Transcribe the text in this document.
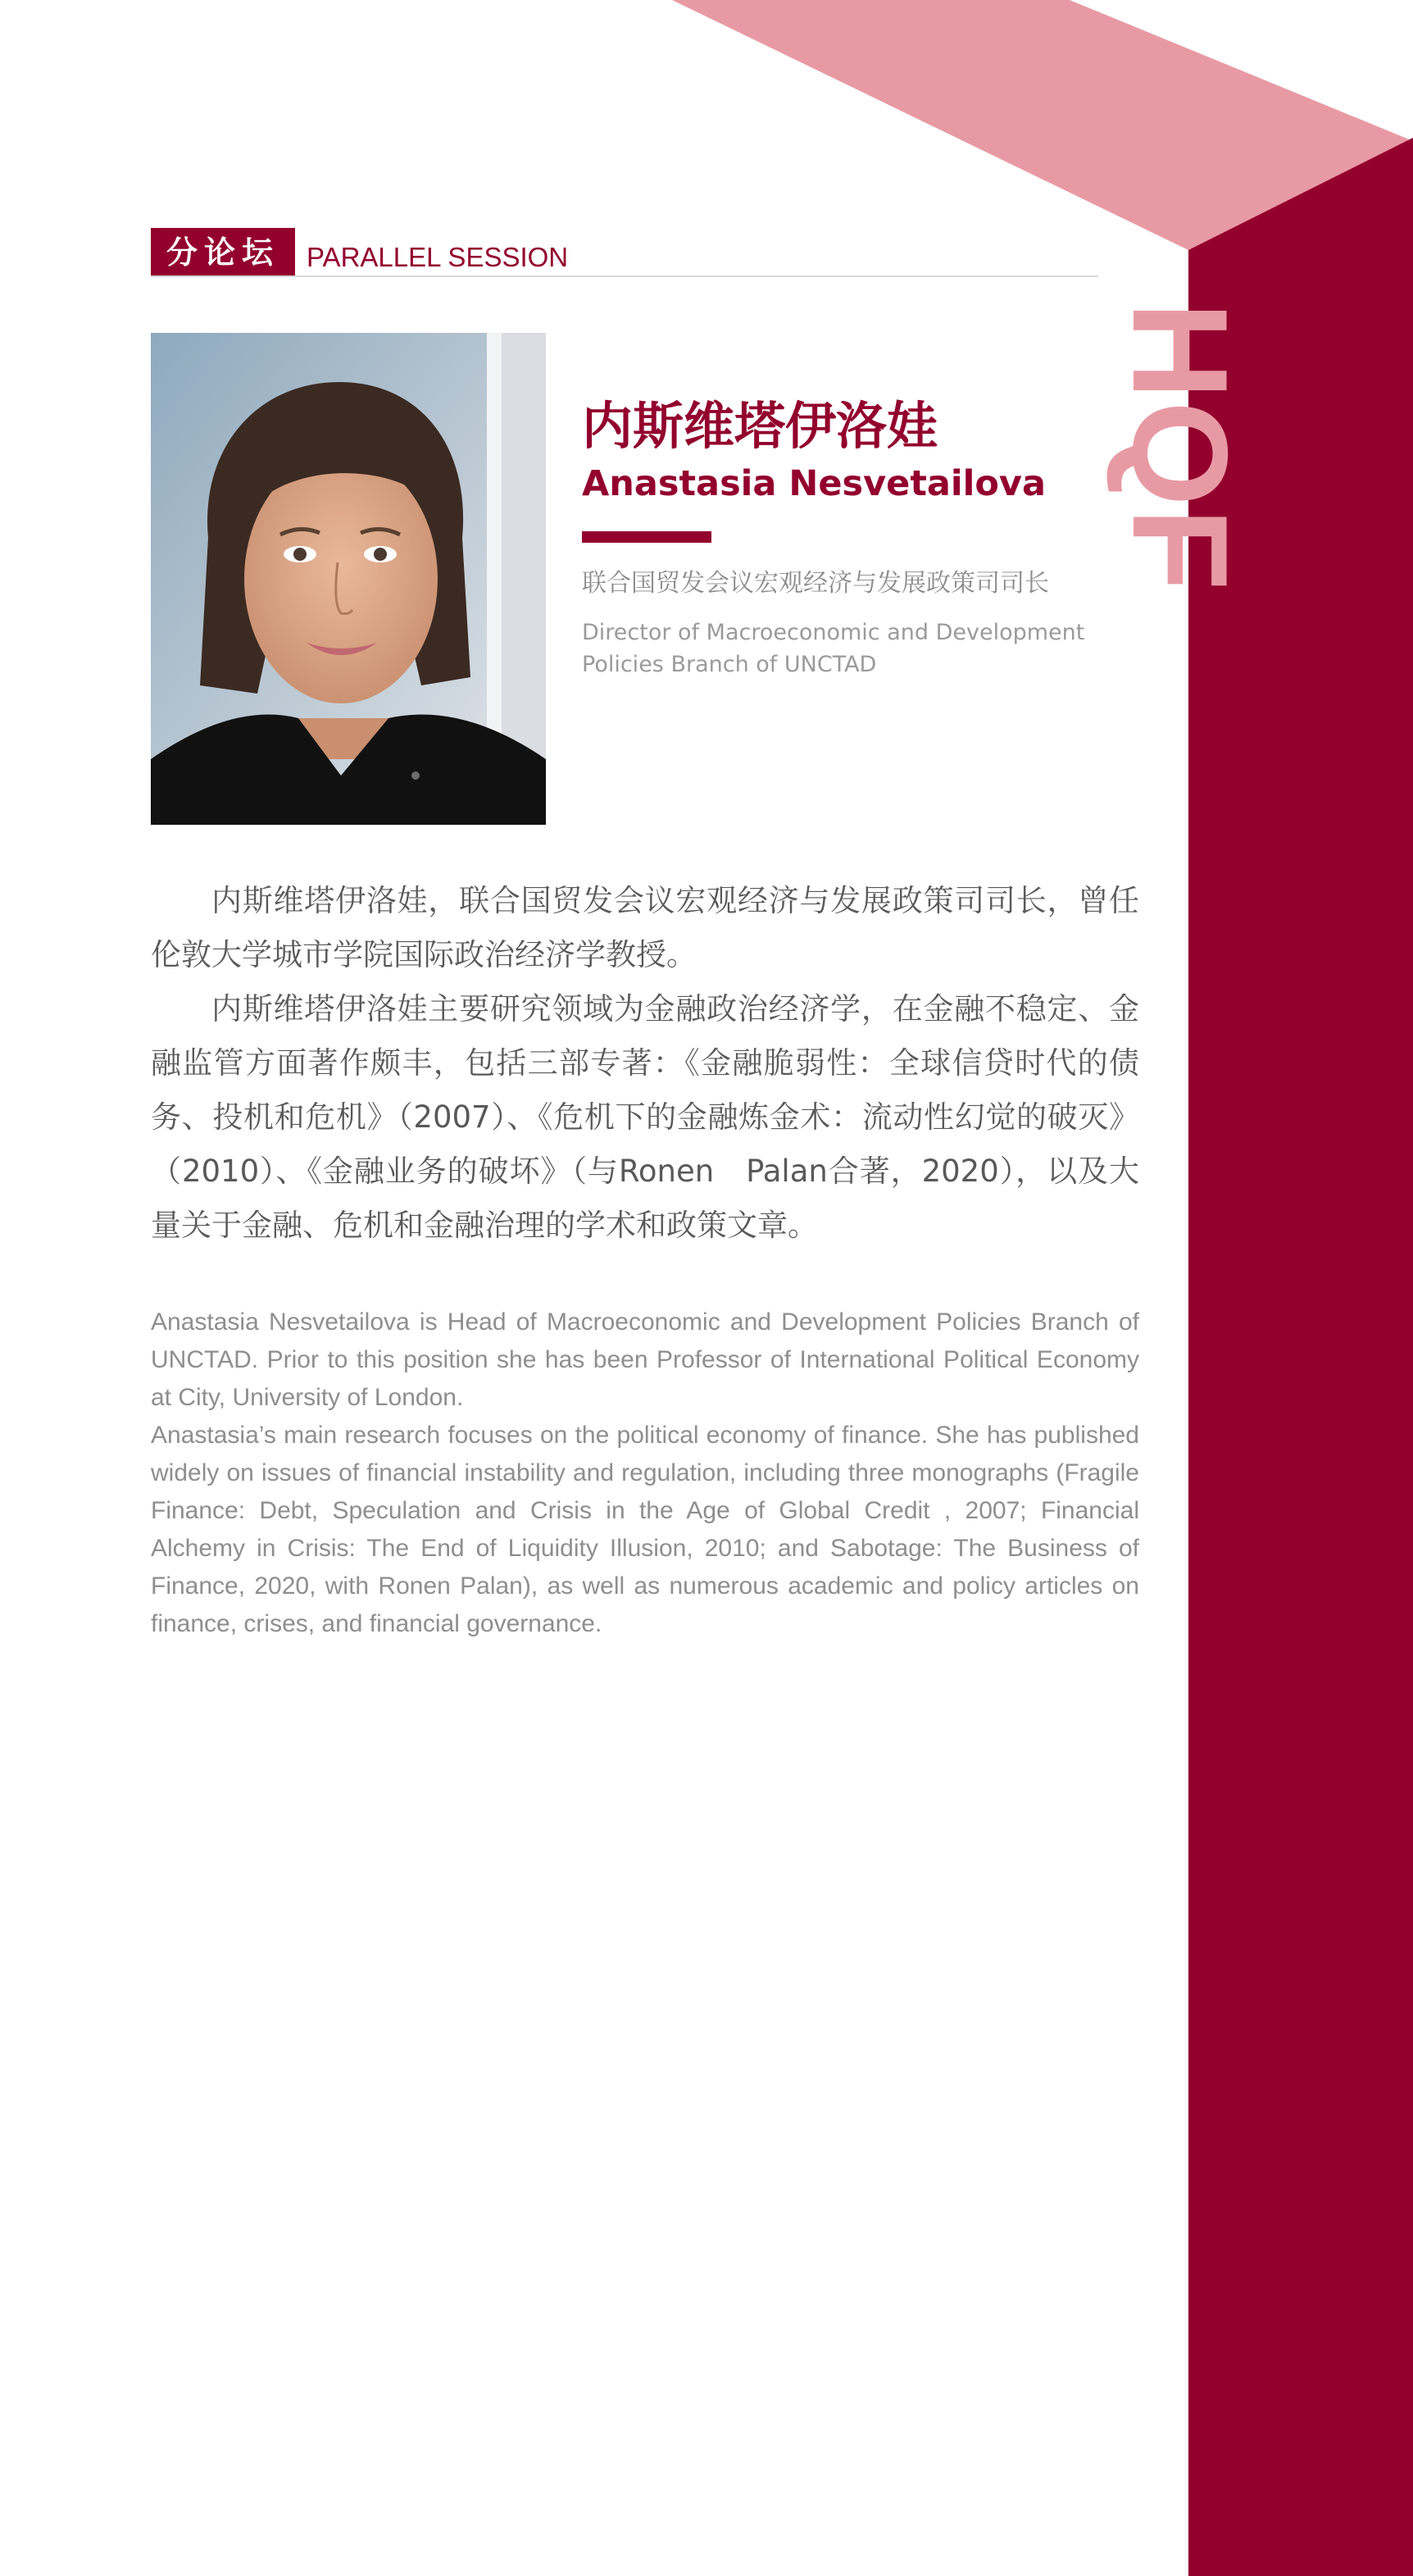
HQF
分论坛	PARALLEL SESSION
内斯维塔伊洛娃
Anastasia Nesvetailova
联合国贸发会议宏观经济与发展政策司司长
Director of Macroeconomic and Development Policies Branch of UNCTAD

内斯维塔伊洛娃，联合国贸发会议宏观经济与发展政策司司长，曾任伦敦大学城市学院国际政治经济学教授。

内斯维塔伊洛娃主要研究领域为金融政治经济学，在金融不稳定、金融监管方面著作颇丰，包括三部专著：《金融脆弱性：全球信贷时代的债务、投机和危机》（2007）、《危机下的金融炼金术：流动性幻觉的破灭》（2010）、《金融业务的破坏》（与Ronen　Palan合著，2020），以及大量关于金融、危机和金融治理的学术和政策文章。

Anastasia Nesvetailova is Head of Macroeconomic and Development Policies Branch of UNCTAD. Prior to this position she has been Professor of International Political Economy at City, University of London.

Anastasia’s main research focuses on the political economy of finance. She has published widely on issues of financial instability and regulation, including three monographs (Fragile Finance: Debt, Speculation and Crisis in the Age of Global Credit , 2007; Financial Alchemy in Crisis: The End of Liquidity Illusion, 2010; and Sabotage: The Business of Finance, 2020, with Ronen Palan), as well as numerous academic and policy articles on finance, crises, and financial governance.
